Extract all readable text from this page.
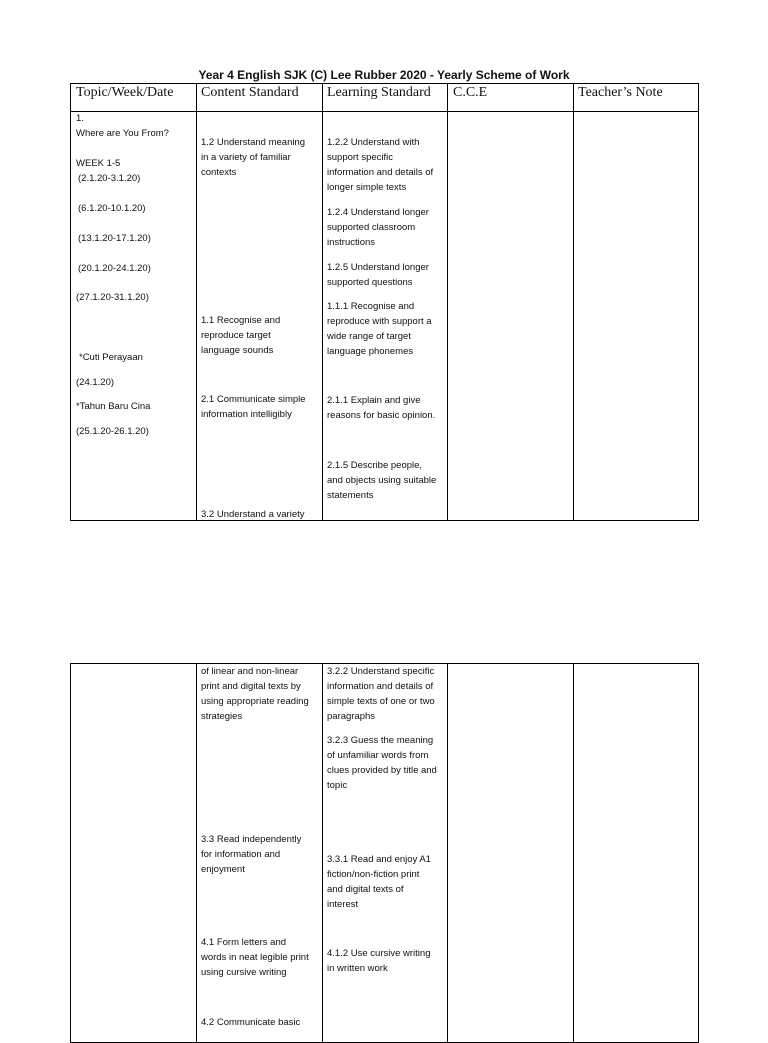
Year 4 English SJK (C) Lee Rubber 2020 - Yearly Scheme of Work
Topic/Week/Date Content Standard Learning Standard C.C.E	Teacher’s Note
1.
Where are You From?
WEEK 1-5
(2.1.20-3.1.20)
(6.1.20-10.1.20)
(13.1.20-17.1.20)
(20.1.20-24.1.20)
(27.1.20-31.1.20)
*Cuti Perayaan
(24.1.20)
*Tahun Baru Cina
(25.1.20-26.1.20)
1.2 Understand meaning
in a variety of familiar
contexts
1.1 Recognise and
reproduce target
language sounds
2.1 Communicate simple
information intelligibly
3.2 Understand a variety
1.2.2 Understand with
support specific
information and details of
longer simple texts
1.2.4 Understand longer
supported classroom
instructions
1.2.5 Understand longer
supported questions
1.1.1 Recognise and
reproduce with support a
wide range of target
language phonemes
2.1.1 Explain and give
reasons for basic opinion.
2.1.5 Describe people,
and objects using suitable
statements
of linear and non-linear
print and digital texts by
using appropriate reading
strategies
3.3 Read independently
for information and
enjoyment
4.1 Form letters and
words in neat legible print
using cursive writing
4.2 Communicate basic
3.2.2 Understand specific
information and details of
simple texts of one or two
paragraphs
3.2.3 Guess the meaning
of unfamiliar words from
clues provided by title and
topic
3.3.1 Read and enjoy A1
fiction/non-fiction print
and digital texts of
interest
4.1.2 Use cursive writing
in written work
